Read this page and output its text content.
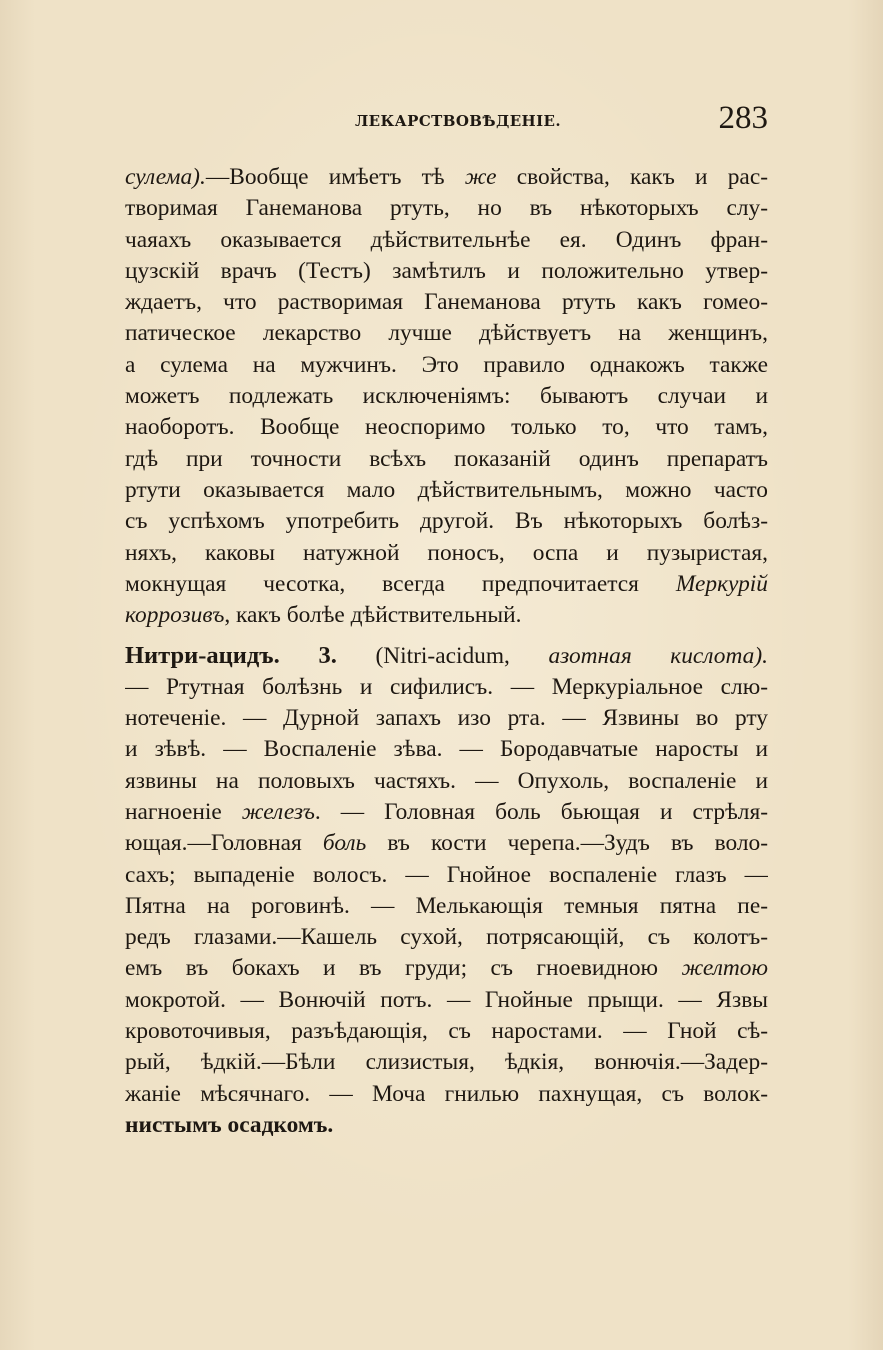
ЛЕКАРСТВОВѢДЕНІЕ.	283
сулема).—Вообще имѣетъ тѣ же свойства, какъ и рас-
творимая Ганеманова ртуть, но въ нѣкоторыхъ слу-
чаяахъ оказывается дѣйствительнѣе ея. Одинъ фран-
цузскій врачъ (Тестъ) замѣтилъ и положительно утвер-
ждаетъ, что растворимая Ганеманова ртуть какъ гомео-
патическое лекарство лучше дѣйствуетъ на женщинъ,
а сулема на мужчинъ. Это правило однакожъ также
можетъ подлежать исключеніямъ: бываютъ случаи и
наоборотъ. Вообще неоспоримо только то, что тамъ,
гдѣ при точности всѣхъ показаній одинъ препаратъ
ртути оказывается мало дѣйствительнымъ, можно часто
съ успѣхомъ употребить другой. Въ нѣкоторыхъ болѣз-
няхъ, каковы натужной поносъ, оспа и пузыристая,
мокнущая чесотка, всегда предпочитается Меркурій
коррозивъ, какъ болѣе дѣйствительный.
Нитри-ацидъ. 3. (Nitri-acidum, азотная кислота).
— Ртутная болѣзнь и сифилисъ. — Меркуріальное слю-
нотеченіе. — Дурной запахъ изо рта. — Язвины во рту
и зѣвѣ. — Воспаленіе зѣва. — Бородавчатые наросты и
язвины на половыхъ частяхъ. — Опухоль, воспаленіе и
нагноеніе железъ. — Головная боль бьющая и стрѣля-
ющая.—Головная боль въ кости черепа.—Зудъ въ воло-
сахъ; выпаденіе волосъ. — Гнойное воспаленіе глазъ —
Пятна на роговинѣ. — Мелькающія темныя пятна пе-
редъ глазами.—Кашель сухой, потрясающій, съ колотъ-
емъ въ бокахъ и въ груди; съ гноевидною желтою
мокротой. — Вонючій потъ. — Гнойные прыщи. — Язвы
кровоточивыя, разъѣдающія, съ наростами. — Гной сѣ-
рый, ѣдкій.—Бѣли слизистыя, ѣдкія, вонючія.—Задер-
жаніе мѣсячнаго. — Моча гнилью пахнущая, съ волок-
нистымъ осадкомъ.
